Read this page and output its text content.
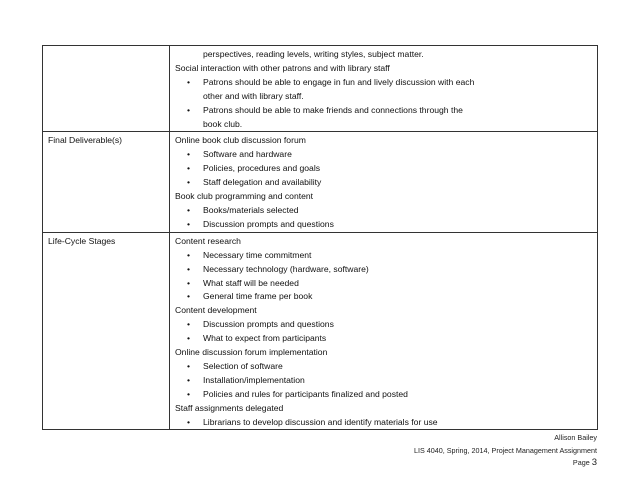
perspectives, reading levels, writing styles, subject matter.
Social interaction with other patrons and with library staff
• Patrons should be able to engage in fun and lively discussion with each
other and with library staff.
• Patrons should be able to make friends and connections through the
book club.
Final Deliverable(s)	Online book club discussion forum
• Software and hardware
• Policies, procedures and goals
• Staff delegation and availability
Book club programming and content
• Books/materials selected
• Discussion prompts and questions
Life-Cycle Stages	Content research
• Necessary time commitment
• Necessary technology (hardware, software)
• What staff will be needed
• General time frame per book
Content development
• Discussion prompts and questions
• What to expect from participants
Online discussion forum implementation
• Selection of software
• Installation/implementation
• Policies and rules for participants finalized and posted
Staff assignments delegated
• Librarians to develop discussion and identify materials for use
Allison Bailey
LIS 4040, Spring, 2014, Project Management Assignment
Page 3
